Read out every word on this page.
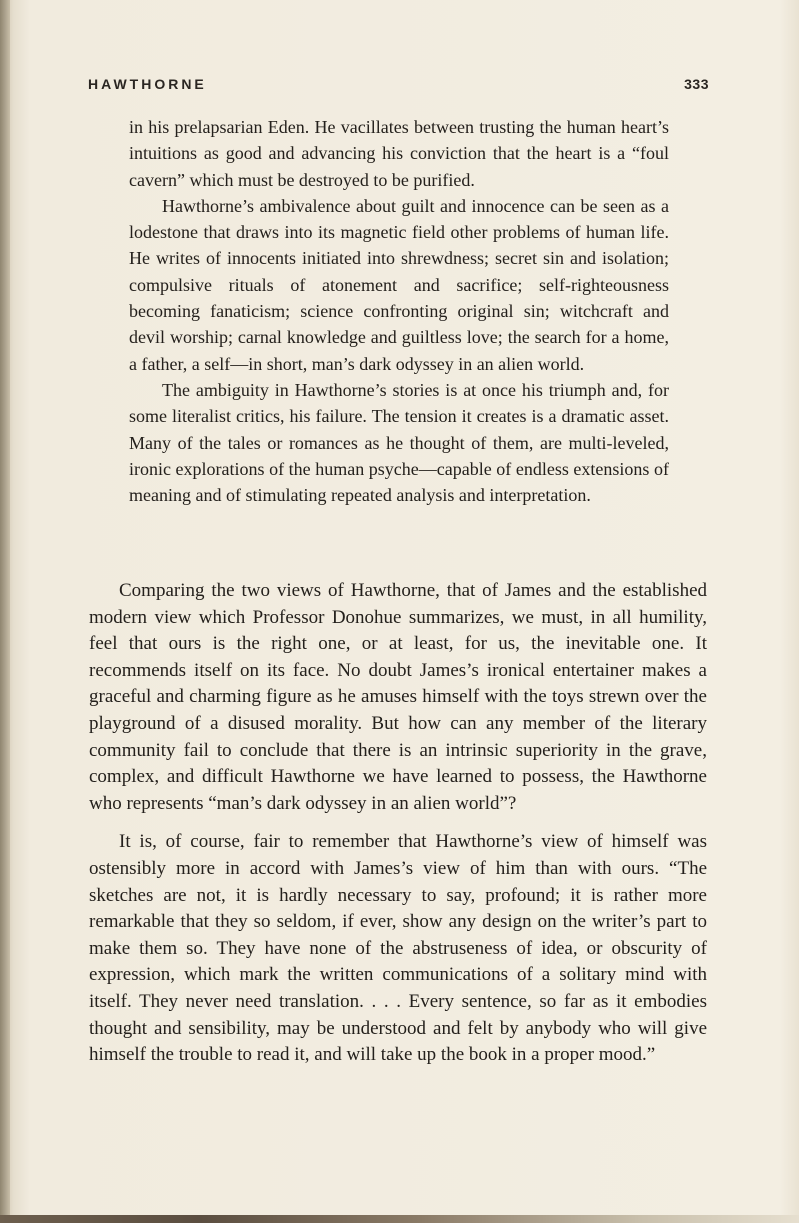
HAWTHORNE	333

in his prelapsarian Eden. He vacillates between trusting the human heart’s intuitions as good and advancing his conviction that the heart is a “foul cavern” which must be destroyed to be purified.

Hawthorne’s ambivalence about guilt and innocence can be seen as a lodestone that draws into its magnetic field other problems of human life. He writes of innocents initiated into shrewdness; secret sin and isolation; compulsive rituals of atonement and sacrifice; self-righteousness becoming fanaticism; science confronting original sin; witchcraft and devil worship; carnal knowledge and guiltless love; the search for a home, a father, a self—in short, man’s dark odyssey in an alien world.

The ambiguity in Hawthorne’s stories is at once his triumph and, for some literalist critics, his failure. The tension it creates is a dramatic asset. Many of the tales or romances as he thought of them, are multi-leveled, ironic explorations of the human psyche—capable of endless extensions of meaning and of stimulating repeated analysis and interpretation.

Comparing the two views of Hawthorne, that of James and the established modern view which Professor Donohue summarizes, we must, in all humility, feel that ours is the right one, or at least, for us, the inevitable one. It recommends itself on its face. No doubt James’s ironical entertainer makes a graceful and charming figure as he amuses himself with the toys strewn over the playground of a disused morality. But how can any member of the literary community fail to conclude that there is an intrinsic superiority in the grave, complex, and difficult Hawthorne we have learned to possess, the Hawthorne who represents “man’s dark odyssey in an alien world”?

It is, of course, fair to remember that Hawthorne’s view of himself was ostensibly more in accord with James’s view of him than with ours. “The sketches are not, it is hardly necessary to say, profound; it is rather more remarkable that they so seldom, if ever, show any design on the writer’s part to make them so. They have none of the abstruseness of idea, or obscurity of expression, which mark the written communications of a solitary mind with itself. They never need translation. . . . Every sentence, so far as it embodies thought and sensibility, may be understood and felt by anybody who will give himself the trouble to read it, and will take up the book in a proper mood.”
